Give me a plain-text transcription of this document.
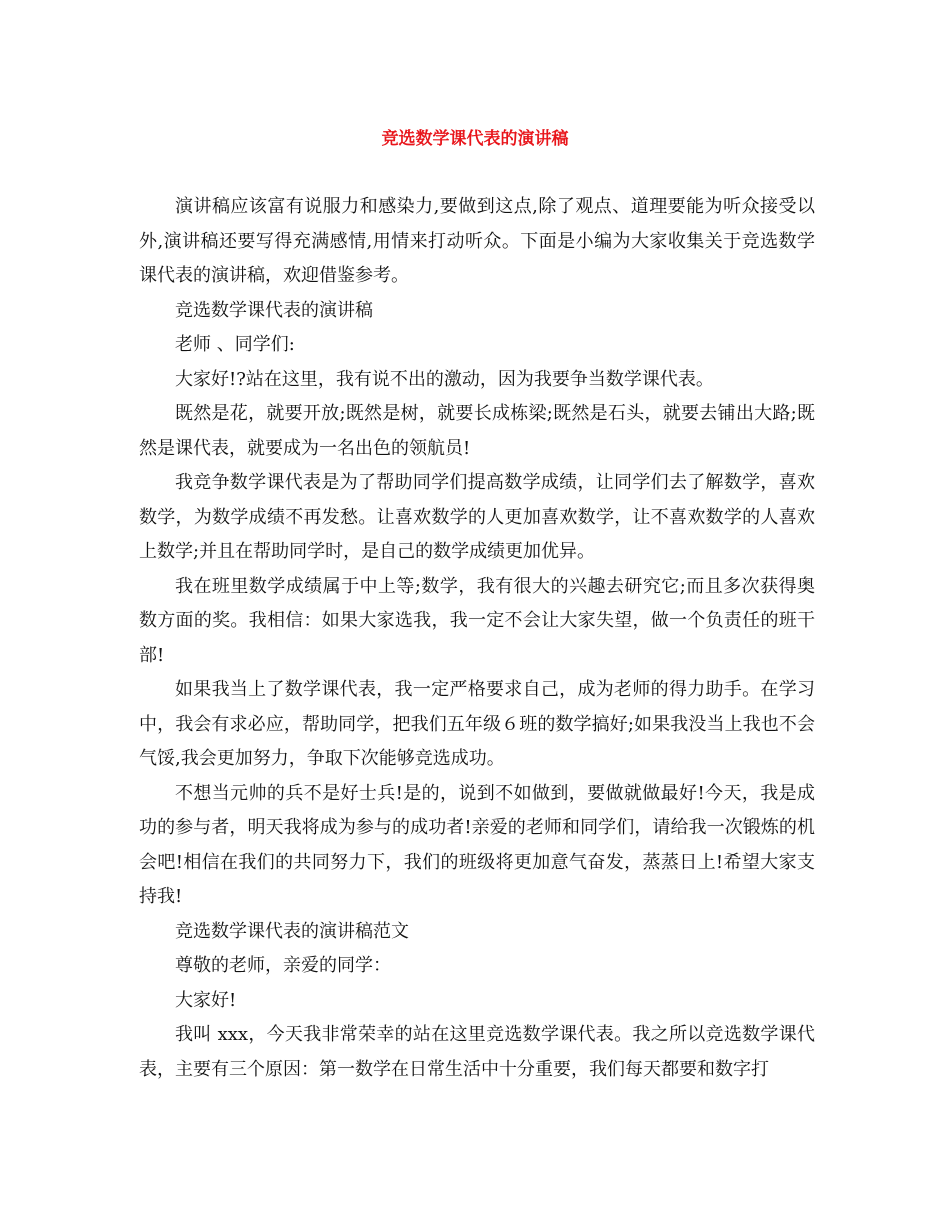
竞选数学课代表的演讲稿

演讲稿应该富有说服力和感染力,要做到这点,除了观点、道理要能为听众接受以外,演讲稿还要写得充满感情,用情来打动听众。下面是小编为大家收集关于竞选数学课代表的演讲稿，欢迎借鉴参考。

竞选数学课代表的演讲稿

老师 、同学们:

大家好!?站在这里，我有说不出的激动，因为我要争当数学课代表。

既然是花，就要开放;既然是树，就要长成栋梁;既然是石头，就要去铺出大路;既然是课代表，就要成为一名出色的领航员!

我竞争数学课代表是为了帮助同学们提高数学成绩，让同学们去了解数学，喜欢数学，为数学成绩不再发愁。让喜欢数学的人更加喜欢数学，让不喜欢数学的人喜欢上数学;并且在帮助同学时，是自己的数学成绩更加优异。

我在班里数学成绩属于中上等;数学，我有很大的兴趣去研究它;而且多次获得奥数方面的奖。我相信：如果大家选我，我一定不会让大家失望，做一个负责任的班干部!

如果我当上了数学课代表，我一定严格要求自己，成为老师的得力助手。在学习中，我会有求必应，帮助同学，把我们五年级６班的数学搞好;如果我没当上我也不会气馁,我会更加努力，争取下次能够竞选成功。

不想当元帅的兵不是好士兵!是的，说到不如做到，要做就做最好!今天，我是成功的参与者，明天我将成为参与的成功者!亲爱的老师和同学们，请给我一次锻炼的机会吧!相信在我们的共同努力下，我们的班级将更加意气奋发，蒸蒸日上!希望大家支持我!

竞选数学课代表的演讲稿范文

尊敬的老师，亲爱的同学：

大家好!

我叫 xxx，今天我非常荣幸的站在这里竞选数学课代表。我之所以竞选数学课代表，主要有三个原因：第一数学在日常生活中十分重要，我们每天都要和数字打
